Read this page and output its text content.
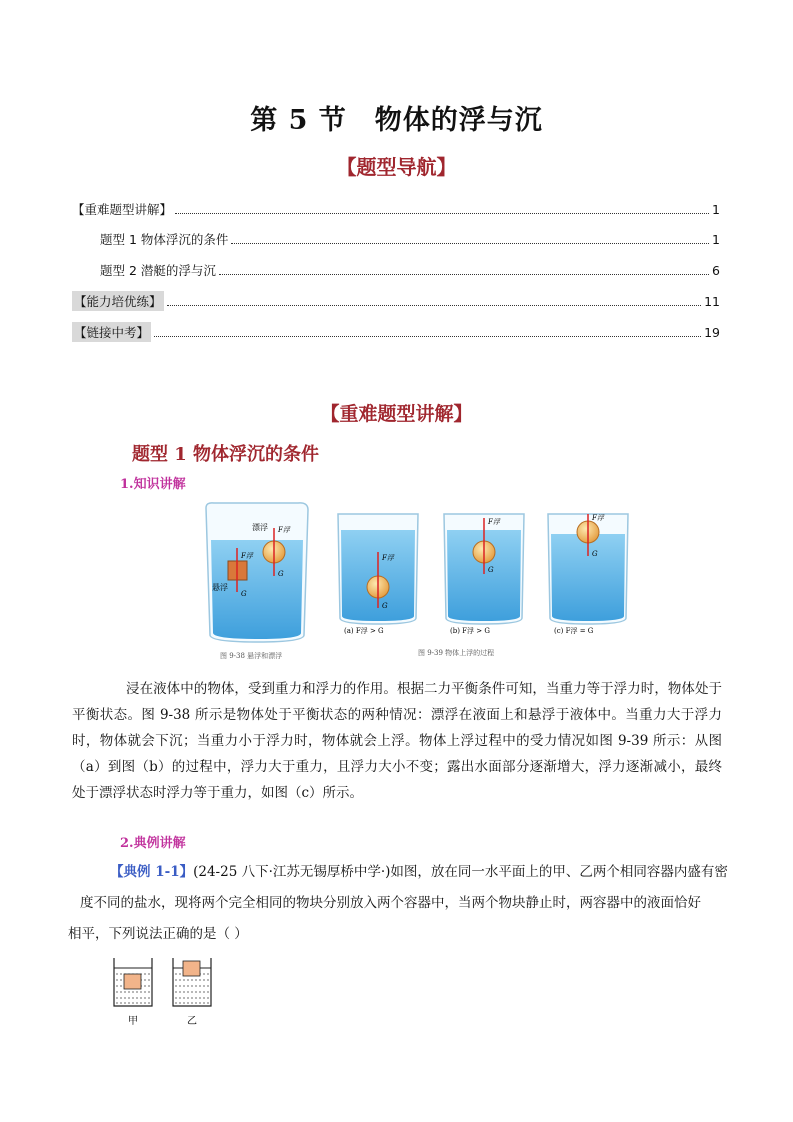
第 5 节 物体的浮与沉
【题型导航】
【重难题型讲解】	1
题型 1 物体浮沉的条件	1
题型 2 潜艇的浮与沉	6
【能力培优练】	11
【链接中考】	19
【重难题型讲解】
题型 1 物体浮沉的条件
1.知识讲解
漂浮 F浮
G
悬浮
F浮
G
F浮
G
(a) F浮 > G
F浮
G
(b) F浮 > G
F浮
G
(c) F浮 = G
图 9-38 悬浮和漂浮	图 9-39 物体上浮的过程
浸在液体中的物体，受到重力和浮力的作用。根据二力平衡条件可知，当重力等于浮力时，物体处于平衡状态。图 9-38 所示是物体处于平衡状态的两种情况：漂浮在液面上和悬浮于液体中。当重力大于浮力时，物体就会下沉；当重力小于浮力时，物体就会上浮。物体上浮过程中的受力情况如图 9-39 所示：从图（a）到图（b）的过程中，浮力大于重力，且浮力大小不变；露出水面部分逐渐增大，浮力逐渐减小，最终处于漂浮状态时浮力等于重力，如图（c）所示。
2.典例讲解
【典例 1-1】(24-25 八下·江苏无锡厚桥中学·)如图，放在同一水平面上的甲、乙两个相同容器内盛有密
度不同的盐水，现将两个完全相同的物块分别放入两个容器中，当两个物块静止时，两容器中的液面恰好
相平，下列说法正确的是（ ）
甲	乙
